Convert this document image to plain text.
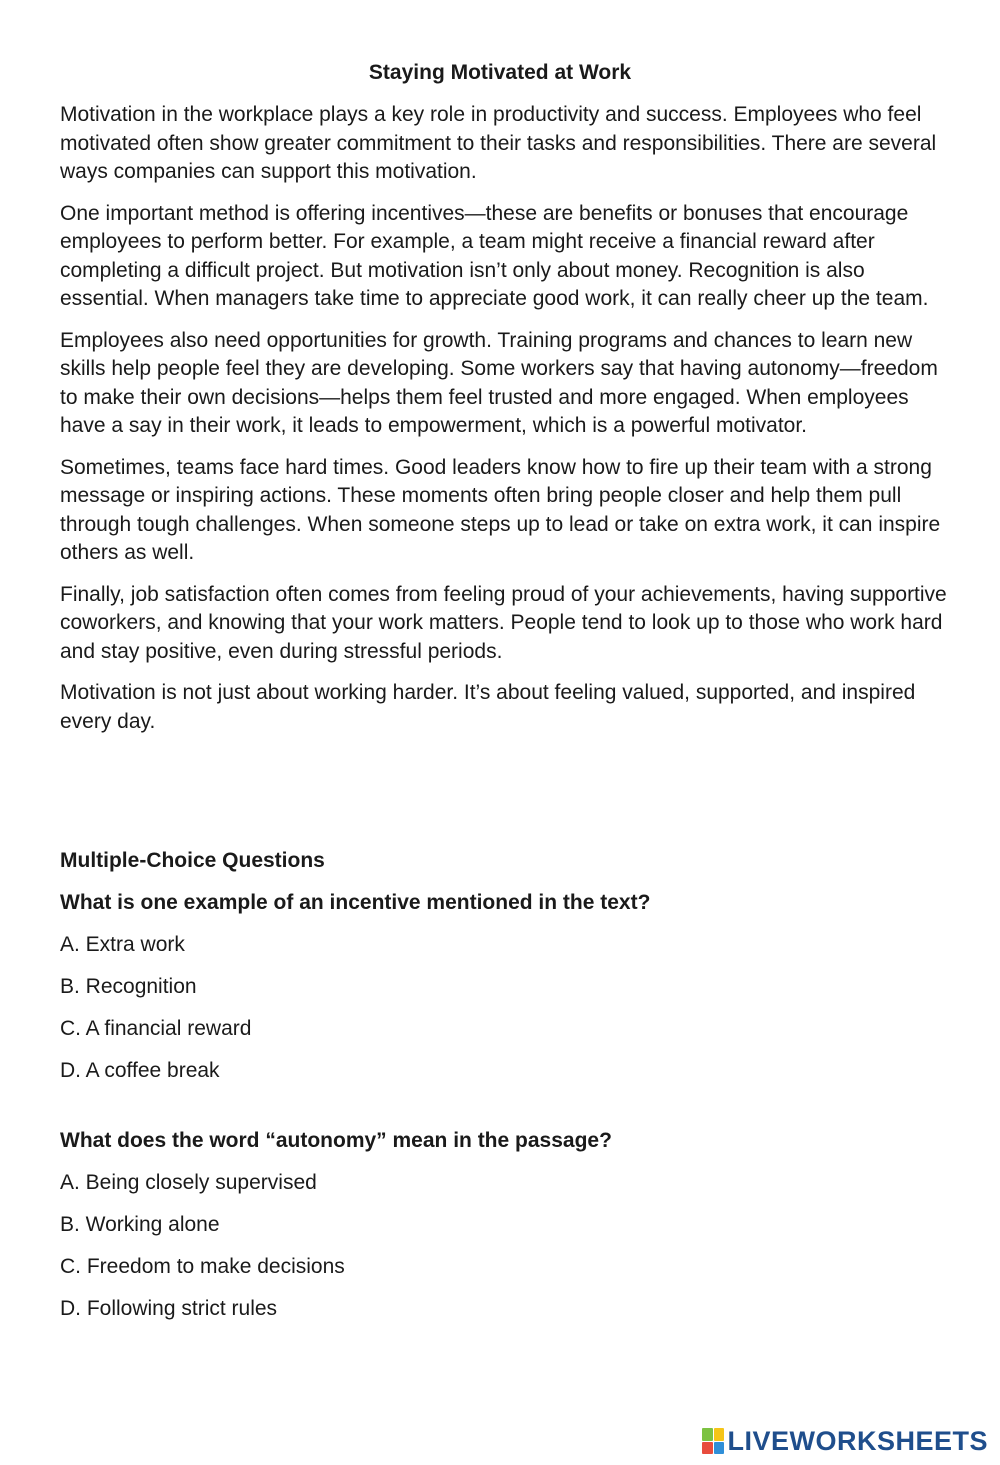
Staying Motivated at Work

Motivation in the workplace plays a key role in productivity and success. Employees who feel motivated often show greater commitment to their tasks and responsibilities. There are several ways companies can support this motivation.

One important method is offering incentives—these are benefits or bonuses that encourage employees to perform better. For example, a team might receive a financial reward after completing a difficult project. But motivation isn’t only about money. Recognition is also essential. When managers take time to appreciate good work, it can really cheer up the team.

Employees also need opportunities for growth. Training programs and chances to learn new skills help people feel they are developing. Some workers say that having autonomy—freedom to make their own decisions—helps them feel trusted and more engaged. When employees have a say in their work, it leads to empowerment, which is a powerful motivator.

Sometimes, teams face hard times. Good leaders know how to fire up their team with a strong message or inspiring actions. These moments often bring people closer and help them pull through tough challenges. When someone steps up to lead or take on extra work, it can inspire others as well.

Finally, job satisfaction often comes from feeling proud of your achievements, having supportive coworkers, and knowing that your work matters. People tend to look up to those who work hard and stay positive, even during stressful periods.

Motivation is not just about working harder. It’s about feeling valued, supported, and inspired every day.

Multiple-Choice Questions
What is one example of an incentive mentioned in the text?
A. Extra work
B. Recognition
C. A financial reward
D. A coffee break
What does the word “autonomy” mean in the passage?
A. Being closely supervised
B. Working alone
C. Freedom to make decisions
D. Following strict rules
LIVEWORKSHEETS
